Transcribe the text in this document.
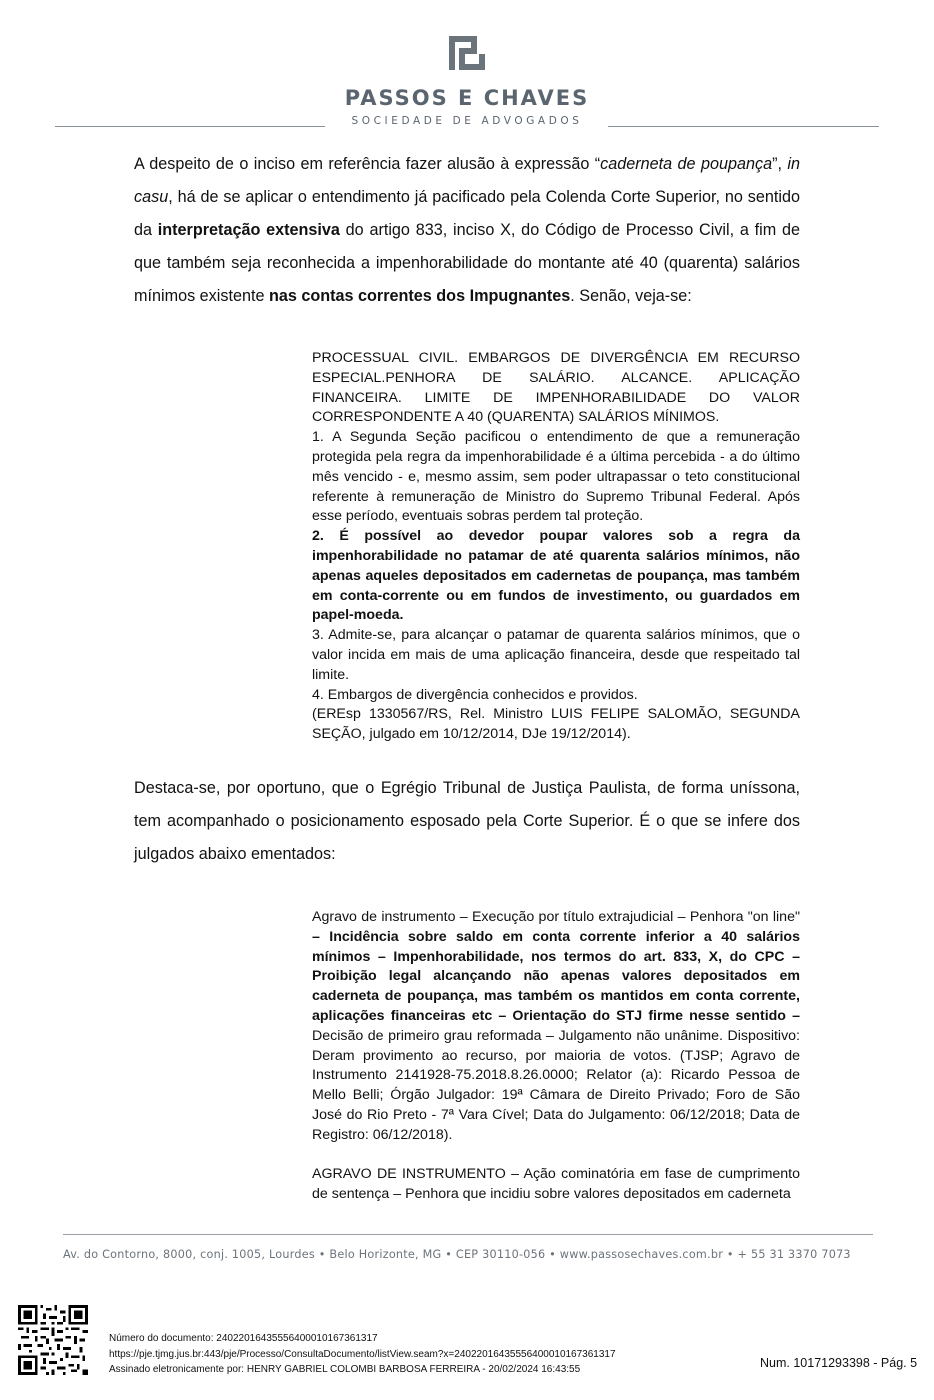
PASSOS E CHAVES
SOCIEDADE DE ADVOGADOS

A despeito de o inciso em referência fazer alusão à expressão “caderneta de poupança”, in casu, há de se aplicar o entendimento já pacificado pela Colenda Corte Superior, no sentido da interpretação extensiva do artigo 833, inciso X, do Código de Processo Civil, a fim de que também seja reconhecida a impenhorabilidade do montante até 40 (quarenta) salários mínimos existente nas contas correntes dos Impugnantes. Senão, veja-se:

PROCESSUAL CIVIL. EMBARGOS DE DIVERGÊNCIA EM RECURSO ESPECIAL.PENHORA DE SALÁRIO. ALCANCE. APLICAÇÃO FINANCEIRA. LIMITE DE IMPENHORABILIDADE DO VALOR CORRESPONDENTE A 40 (QUARENTA) SALÁRIOS MÍNIMOS.

1. A Segunda Seção pacificou o entendimento de que a remuneração protegida pela regra da impenhorabilidade é a última percebida - a do último mês vencido - e, mesmo assim, sem poder ultrapassar o teto constitucional referente à remuneração de Ministro do Supremo Tribunal Federal. Após esse período, eventuais sobras perdem tal proteção.

2. É possível ao devedor poupar valores sob a regra da impenhorabilidade no patamar de até quarenta salários mínimos, não apenas aqueles depositados em cadernetas de poupança, mas também em conta-corrente ou em fundos de investimento, ou guardados em papel-moeda.

3. Admite-se, para alcançar o patamar de quarenta salários mínimos, que o valor incida em mais de uma aplicação financeira, desde que respeitado tal limite.

4. Embargos de divergência conhecidos e providos.

(EREsp 1330567/RS, Rel. Ministro LUIS FELIPE SALOMÃO, SEGUNDA SEÇÃO, julgado em 10/12/2014, DJe 19/12/2014).

Destaca-se, por oportuno, que o Egrégio Tribunal de Justiça Paulista, de forma uníssona, tem acompanhado o posicionamento esposado pela Corte Superior. É o que se infere dos julgados abaixo ementados:

Agravo de instrumento – Execução por título extrajudicial – Penhora "on line" – Incidência sobre saldo em conta corrente inferior a 40 salários mínimos – Impenhorabilidade, nos termos do art. 833, X, do CPC – Proibição legal alcançando não apenas valores depositados em caderneta de poupança, mas também os mantidos em conta corrente, aplicações financeiras etc – Orientação do STJ firme nesse sentido – Decisão de primeiro grau reformada – Julgamento não unânime. Dispositivo: Deram provimento ao recurso, por maioria de votos. (TJSP; Agravo de Instrumento 2141928-75.2018.8.26.0000; Relator (a): Ricardo Pessoa de Mello Belli; Órgão Julgador: 19ª Câmara de Direito Privado; Foro de São José do Rio Preto - 7ª Vara Cível; Data do Julgamento: 06/12/2018; Data de Registro: 06/12/2018).

AGRAVO DE INSTRUMENTO – Ação cominatória em fase de cumprimento de sentença – Penhora que incidiu sobre valores depositados em caderneta

Av. do Contorno, 8000, conj. 1005, Lourdes • Belo Horizonte, MG • CEP 30110-056 • www.passosechaves.com.br • + 55 31 3370 7073
Número do documento: 24022016435556400010167361317
https://pje.tjmg.jus.br:443/pje/Processo/ConsultaDocumento/listView.seam?x=24022016435556400010167361317
Assinado eletronicamente por: HENRY GABRIEL COLOMBI BARBOSA FERREIRA - 20/02/2024 16:43:55	Num. 10171293398 - Pág. 5
